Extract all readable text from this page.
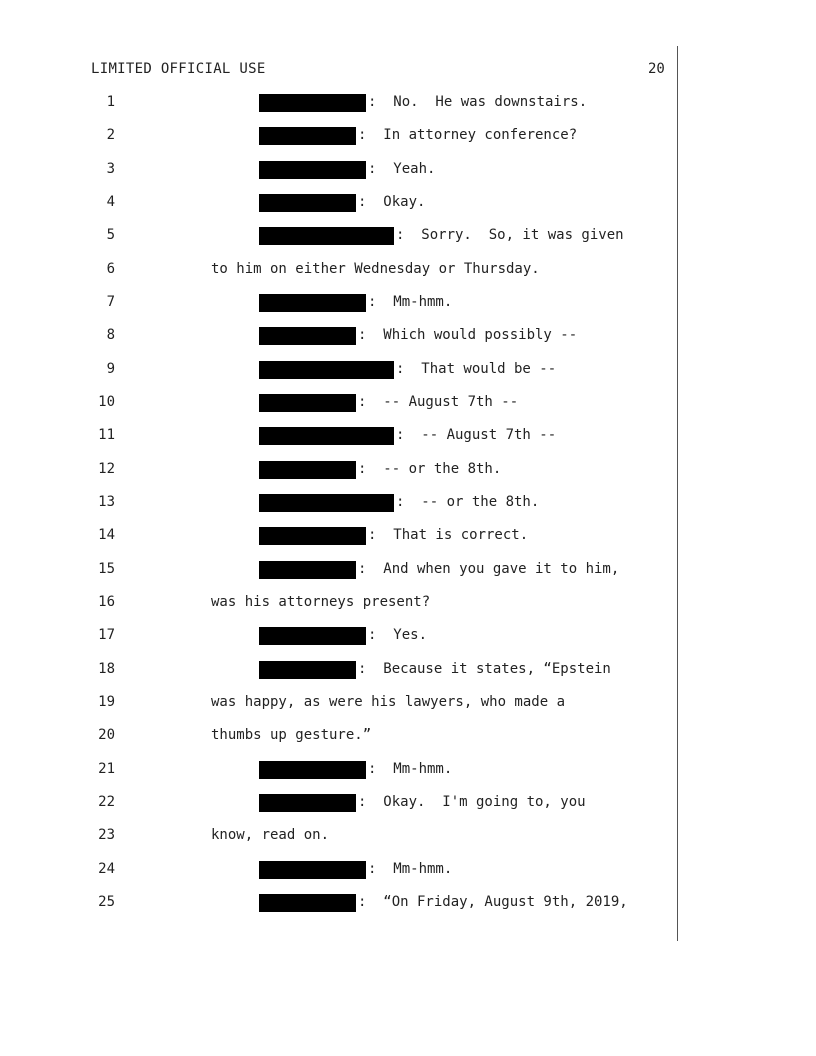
LIMITED OFFICIAL USE	20
1	:  No.  He was downstairs.
2	:  In attorney conference?
3	:  Yeah.
4	:  Okay.
5	:  Sorry.  So, it was given
6	to him on either Wednesday or Thursday.
7	:  Mm-hmm.
8	:  Which would possibly --
9	:  That would be --
10	:  -- August 7th --
11	:  -- August 7th --
12	:  -- or the 8th.
13	:  -- or the 8th.
14	:  That is correct.
15	:  And when you gave it to him,
16	was his attorneys present?
17	:  Yes.
18	:  Because it states, “Epstein
19	was happy, as were his lawyers, who made a
20	thumbs up gesture.”
21	:  Mm-hmm.
22	:  Okay.  I'm going to, you
23	know, read on.
24	:  Mm-hmm.
25	:  “On Friday, August 9th, 2019,
